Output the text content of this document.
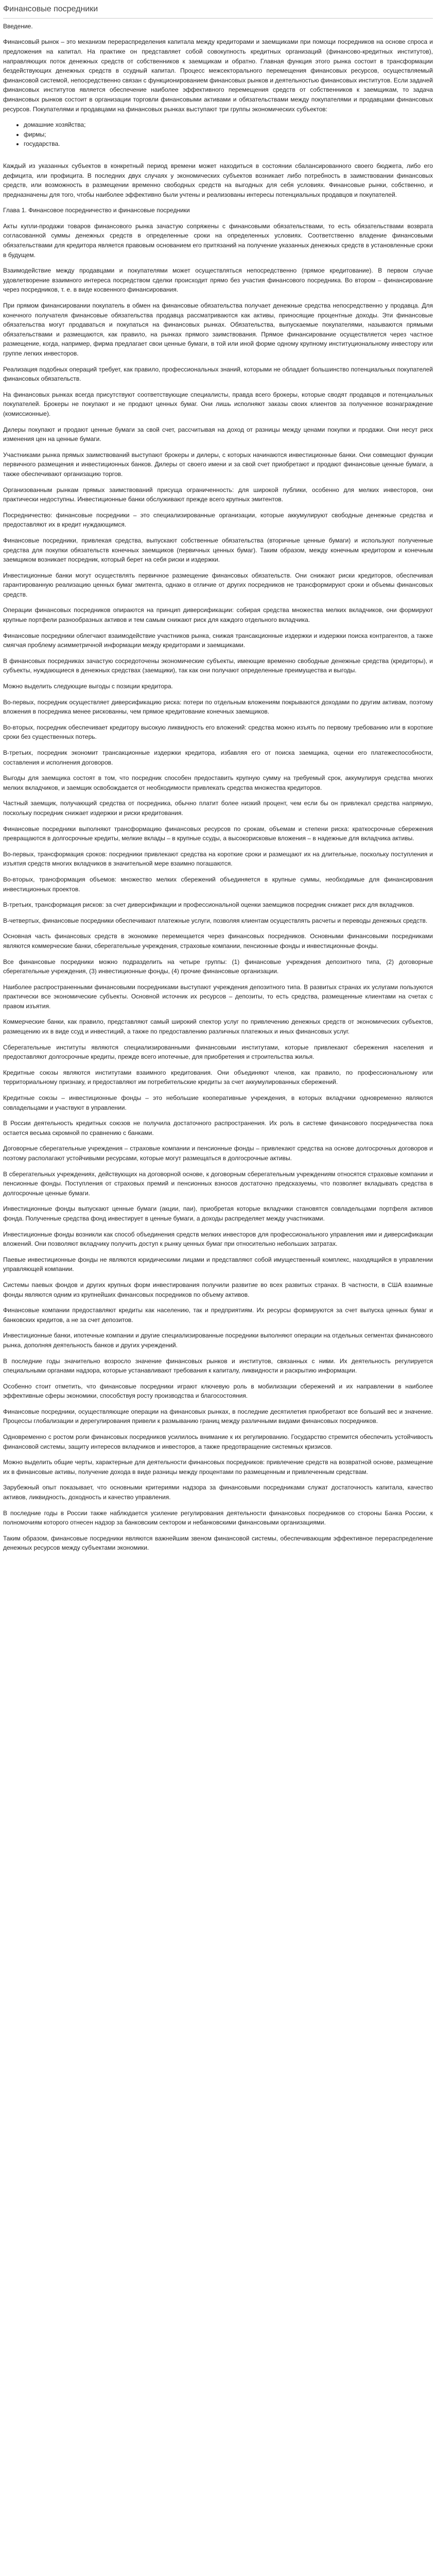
Финансовые посредники

Введение.

Финансовый рынок – это механизм перераспределения капитала между кредиторами и заемщиками при помощи посредников на основе спроса и предложения на капитал. На практике он представляет собой совокупность кредитных организаций (финансово-кредитных институтов), направляющих поток денежных средств от собственников к заемщикам и обратно. Главная функция этого рынка состоит в трансформации бездействующих денежных средств в ссудный капитал. Процесс межсекторального перемещения финансовых ресурсов, осуществляемый финансовой системой, непосредственно связан с функционированием финансовых рынков и деятельностью финансовых институтов. Если задачей финансовых институтов является обеспечение наиболее эффективного перемещения средств от собственников к заемщикам, то задача финансовых рынков состоит в организации торговли финансовыми активами и обязательствами между покупателями и продавцами финансовых ресурсов. Покупателями и продавцами на финансовых рынках выступают три группы экономических субъектов:

• домашние хозяйства;
• фирмы;
• государства.

Каждый из указанных субъектов в конкретный период времени может находиться в состоянии сбалансированного своего бюджета, либо его дефицита, или профицита. В последних двух случаях у экономических субъектов возникает либо потребность в заимствовании финансовых средств, или возможность в размещении временно свободных средств на выгодных для себя условиях. Финансовые рынки, собственно, и предназначены для того, чтобы наиболее эффективно были учтены и реализованы интересы потенциальных продавцов и покупателей.

Глава 1. Финансовое посредничество и финансовые посредники

Акты купли-продажи товаров финансового рынка зачастую сопряжены с финансовыми обязательствами, то есть обязательствами возврата согласованной суммы денежных средств в определенные сроки на определенных условиях. Соответственно владение финансовыми обязательствами для кредитора является правовым основанием его притязаний на получение указанных денежных средств в установленные сроки в будущем.

Взаимодействие между продавцами и покупателями может осуществляться непосредственно (прямое кредитование). В первом случае удовлетворение взаимного интереса посредством сделки происходит прямо без участия финансового посредника. Во втором – финансирование через посредников, т. е. в виде косвенного финансирования.

При прямом финансировании покупатель в обмен на финансовые обязательства получает денежные средства непосредственно у продавца. Для конечного получателя финансовые обязательства продавца рассматриваются как активы, приносящие процентные доходы. Эти финансовые обязательства могут продаваться и покупаться на финансовых рынках. Обязательства, выпускаемые покупателями, называются прямыми обязательствами и размещаются, как правило, на рынках прямого заимствования. Прямое финансирование осуществляется через частное размещение, когда, например, фирма предлагает свои ценные бумаги, в той или иной форме одному крупному институциональному инвестору или группе легких инвесторов.

Реализация подобных операций требует, как правило, профессиональных знаний, которыми не обладает большинство потенциальных покупателей финансовых обязательств.

На финансовых рынках всегда присутствуют соответствующие специалисты, правда всего брокеры, которые сводят продавцов и потенциальных покупателей. Брокеры не покупают и не продают ценных бумаг. Они лишь исполняют заказы своих клиентов за полученное вознаграждение (комиссионные).

Дилеры покупают и продают ценные бумаги за свой счет, рассчитывая на доход от разницы между ценами покупки и продажи. Они несут риск изменения цен на ценные бумаги.

Участниками рынка прямых заимствований выступают брокеры и дилеры, с которых начинаются инвестиционные банки. Они совмещают функции первичного размещения и инвестиционных банков. Дилеры от своего имени и за свой счет приобретают и продают финансовые ценные бумаги, а также обеспечивают организацию торгов.

Организованным рынкам прямых заимствований присуща ограниченность: для широкой публики, особенно для мелких инвесторов, они практически недоступны. Инвестиционные банки обслуживают прежде всего крупных эмитентов.

Посредничество: финансовые посредники – это специализированные организации, которые аккумулируют свободные денежные средства и предоставляют их в кредит нуждающимся.

Финансовые посредники, привлекая средства, выпускают собственные обязательства (вторичные ценные бумаги) и используют полученные средства для покупки обязательств конечных заемщиков (первичных ценных бумаг). Таким образом, между конечным кредитором и конечным заемщиком возникает посредник, который берет на себя риски и издержки.

Инвестиционные банки могут осуществлять первичное размещение финансовых обязательств. Они снижают риски кредиторов, обеспечивая гарантированную реализацию ценных бумаг эмитента, однако в отличие от других посредников не трансформируют сроки и объемы финансовых средств.

Операции финансовых посредников опираются на принцип диверсификации: собирая средства множества мелких вкладчиков, они формируют крупные портфели разнообразных активов и тем самым снижают риск для каждого отдельного вкладчика.

Финансовые посредники облегчают взаимодействие участников рынка, снижая трансакционные издержки и издержки поиска контрагентов, а также смягчая проблему асимметричной информации между кредиторами и заемщиками.

В финансовых посредниках зачастую сосредоточены экономические субъекты, имеющие временно свободные денежные средства (кредиторы), и субъекты, нуждающиеся в денежных средствах (заемщики), так как они получают определенные преимущества и выгоды.

Можно выделить следующие выгоды с позиции кредитора.

Во-первых, посредник осуществляет диверсификацию риска: потери по отдельным вложениям покрываются доходами по другим активам, поэтому вложения в посредника менее рискованны, чем прямое кредитование конечных заемщиков.

Во-вторых, посредник обеспечивает кредитору высокую ликвидность его вложений: средства можно изъять по первому требованию или в короткие сроки без существенных потерь.

В-третьих, посредник экономит трансакционные издержки кредитора, избавляя его от поиска заемщика, оценки его платежеспособности, составления и исполнения договоров.

Выгоды для заемщика состоят в том, что посредник способен предоставить крупную сумму на требуемый срок, аккумулируя средства многих мелких вкладчиков, и заемщик освобождается от необходимости привлекать средства множества кредиторов.

Частный заемщик, получающий средства от посредника, обычно платит более низкий процент, чем если бы он привлекал средства напрямую, поскольку посредник снижает издержки и риски кредитования.

Финансовые посредники выполняют трансформацию финансовых ресурсов по срокам, объемам и степени риска: краткосрочные сбережения превращаются в долгосрочные кредиты, мелкие вклады – в крупные ссуды, а высокорисковые вложения – в надежные для вкладчика активы.

Во-первых, трансформация сроков: посредники привлекают средства на короткие сроки и размещают их на длительные, поскольку поступления и изъятия средств многих вкладчиков в значительной мере взаимно погашаются.

Во-вторых, трансформация объемов: множество мелких сбережений объединяется в крупные суммы, необходимые для финансирования инвестиционных проектов.

В-третьих, трансформация рисков: за счет диверсификации и профессиональной оценки заемщиков посредник снижает риск для вкладчиков.

В-четвертых, финансовые посредники обеспечивают платежные услуги, позволяя клиентам осуществлять расчеты и переводы денежных средств.

Основная часть финансовых средств в экономике перемещается через финансовых посредников. Основными финансовыми посредниками являются коммерческие банки, сберегательные учреждения, страховые компании, пенсионные фонды и инвестиционные фонды.

Все финансовые посредники можно подразделить на четыре группы: (1) финансовые учреждения депозитного типа, (2) договорные сберегательные учреждения, (3) инвестиционные фонды, (4) прочие финансовые организации.

Наиболее распространенными финансовыми посредниками выступают учреждения депозитного типа. В развитых странах их услугами пользуются практически все экономические субъекты. Основной источник их ресурсов – депозиты, то есть средства, размещенные клиентами на счетах с правом изъятия.

Коммерческие банки, как правило, представляют самый широкий спектор услуг по привлечению денежных средств от экономических субъектов, размещению их в виде ссуд и инвестиций, а также по предоставлению различных платежных и иных финансовых услуг.

Сберегательные институты являются специализированными финансовыми институтами, которые привлекают сбережения населения и предоставляют долгосрочные кредиты, прежде всего ипотечные, для приобретения и строительства жилья.

Кредитные союзы являются институтами взаимного кредитования. Они объединяют членов, как правило, по профессиональному или территориальному признаку, и предоставляют им потребительские кредиты за счет аккумулированных сбережений.

Кредитные союзы – инвестиционные фонды – это небольшие кооперативные учреждения, в которых вкладчики одновременно являются совладельцами и участвуют в управлении.

В России деятельность кредитных союзов не получила достаточного распространения. Их роль в системе финансового посредничества пока остается весьма скромной по сравнению с банками.

Договорные сберегательные учреждения – страховые компании и пенсионные фонды – привлекают средства на основе долгосрочных договоров и поэтому располагают устойчивыми ресурсами, которые могут размещаться в долгосрочные активы.

В сберегательных учреждениях, действующих на договорной основе, к договорным сберегательным учреждениям относятся страховые компании и пенсионные фонды. Поступления от страховых премий и пенсионных взносов достаточно предсказуемы, что позволяет вкладывать средства в долгосрочные ценные бумаги.

Инвестиционные фонды выпускают ценные бумаги (акции, паи), приобретая которые вкладчики становятся совладельцами портфеля активов фонда. Полученные средства фонд инвестирует в ценные бумаги, а доходы распределяет между участниками.

Инвестиционные фонды возникли как способ объединения средств мелких инвесторов для профессионального управления ими и диверсификации вложений. Они позволяют вкладчику получить доступ к рынку ценных бумаг при относительно небольших затратах.

Паевые инвестиционные фонды не являются юридическими лицами и представляют собой имущественный комплекс, находящийся в управлении управляющей компании.

Системы паевых фондов и других крупных форм инвестирования получили развитие во всех развитых странах. В частности, в США взаимные фонды являются одним из крупнейших финансовых посредников по объему активов.

Финансовые компании предоставляют кредиты как населению, так и предприятиям. Их ресурсы формируются за счет выпуска ценных бумаг и банковских кредитов, а не за счет депозитов.

Инвестиционные банки, ипотечные компании и другие специализированные посредники выполняют операции на отдельных сегментах финансового рынка, дополняя деятельность банков и других учреждений.

В последние годы значительно возросло значение финансовых рынков и институтов, связанных с ними. Их деятельность регулируется специальными органами надзора, которые устанавливают требования к капиталу, ликвидности и раскрытию информации.

Особенно стоит отметить, что финансовые посредники играют ключевую роль в мобилизации сбережений и их направлении в наиболее эффективные сферы экономики, способствуя росту производства и благосостояния.

Финансовые посредники, осуществляющие операции на финансовых рынках, в последние десятилетия приобретают все больший вес и значение. Процессы глобализации и дерегулирования привели к размыванию границ между различными видами финансовых посредников.

Одновременно с ростом роли финансовых посредников усилилось внимание к их регулированию. Государство стремится обеспечить устойчивость финансовой системы, защиту интересов вкладчиков и инвесторов, а также предотвращение системных кризисов.

Можно выделить общие черты, характерные для деятельности финансовых посредников: привлечение средств на возвратной основе, размещение их в финансовые активы, получение дохода в виде разницы между процентами по размещенным и привлеченным средствам.

Зарубежный опыт показывает, что основными критериями надзора за финансовыми посредниками служат достаточность капитала, качество активов, ликвидность, доходность и качество управления.

В последние годы в России также наблюдается усиление регулирования деятельности финансовых посредников со стороны Банка России, к полномочиям которого отнесен надзор за банковским сектором и небанковскими финансовыми организациями.

Таким образом, финансовые посредники являются важнейшим звеном финансовой системы, обеспечивающим эффективное перераспределение денежных ресурсов между субъектами экономики.
